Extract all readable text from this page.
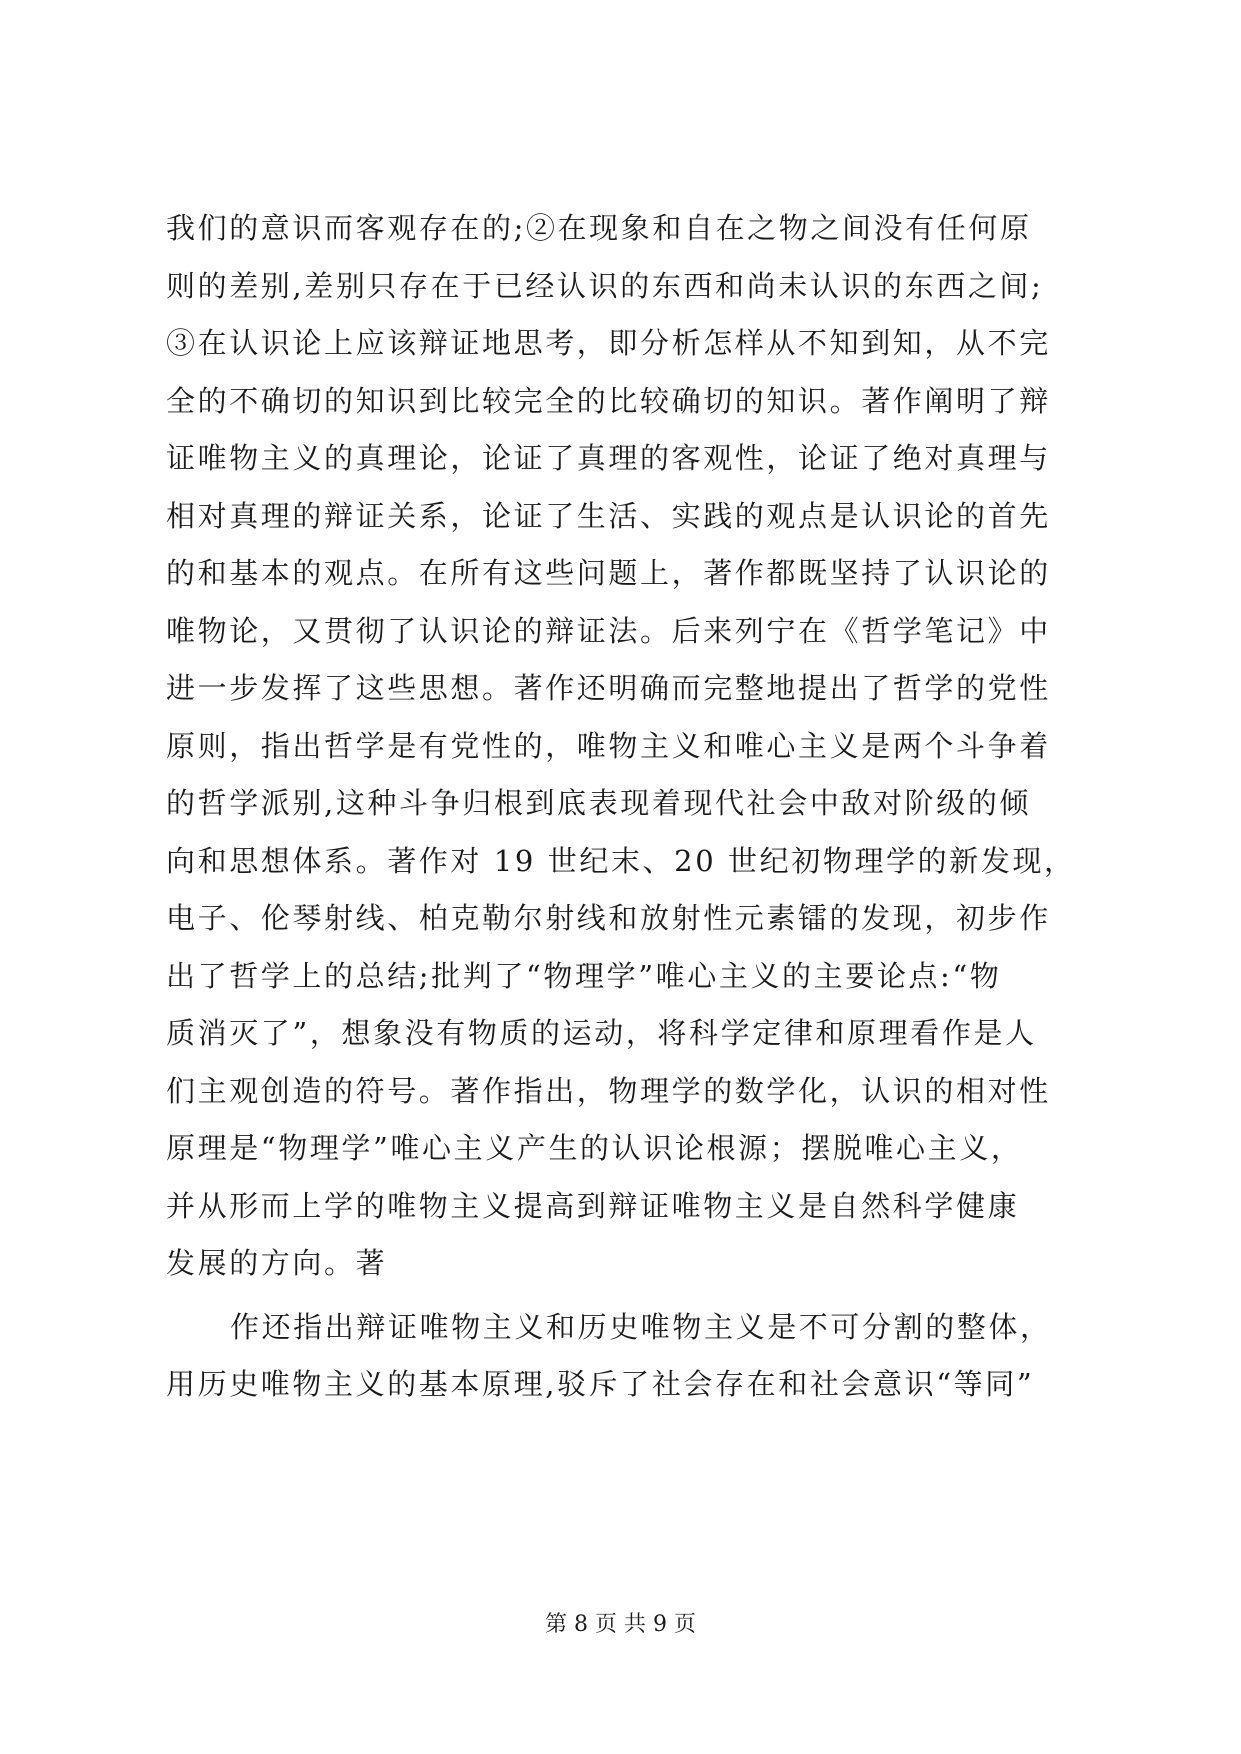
我们的意识而客观存在的;②在现象和自在之物之间没有任何原
则的差别,差别只存在于已经认识的东西和尚未认识的东西之间;
③在认识论上应该辩证地思考，即分析怎样从不知到知，从不完
全的不确切的知识到比较完全的比较确切的知识。著作阐明了辩
证唯物主义的真理论，论证了真理的客观性，论证了绝对真理与
相对真理的辩证关系，论证了生活、实践的观点是认识论的首先
的和基本的观点。在所有这些问题上，著作都既坚持了认识论的
唯物论，又贯彻了认识论的辩证法。后来列宁在《哲学笔记》中
进一步发挥了这些思想。著作还明确而完整地提出了哲学的党性
原则，指出哲学是有党性的，唯物主义和唯心主义是两个斗争着
的哲学派别,这种斗争归根到底表现着现代社会中敌对阶级的倾
向和思想体系。著作对 19 世纪末、20 世纪初物理学的新发现，
电子、伦琴射线、柏克勒尔射线和放射性元素镭的发现，初步作
出了哲学上的总结;批判了“物理学”唯心主义的主要论点:“物
质消灭了”，想象没有物质的运动，将科学定律和原理看作是人
们主观创造的符号。著作指出，物理学的数学化，认识的相对性
原理是“物理学”唯心主义产生的认识论根源；摆脱唯心主义，
并从形而上学的唯物主义提高到辩证唯物主义是自然科学健康
发展的方向。著
作还指出辩证唯物主义和历史唯物主义是不可分割的整体，
用历史唯物主义的基本原理,驳斥了社会存在和社会意识“等同”
第 8 页 共 9 页
